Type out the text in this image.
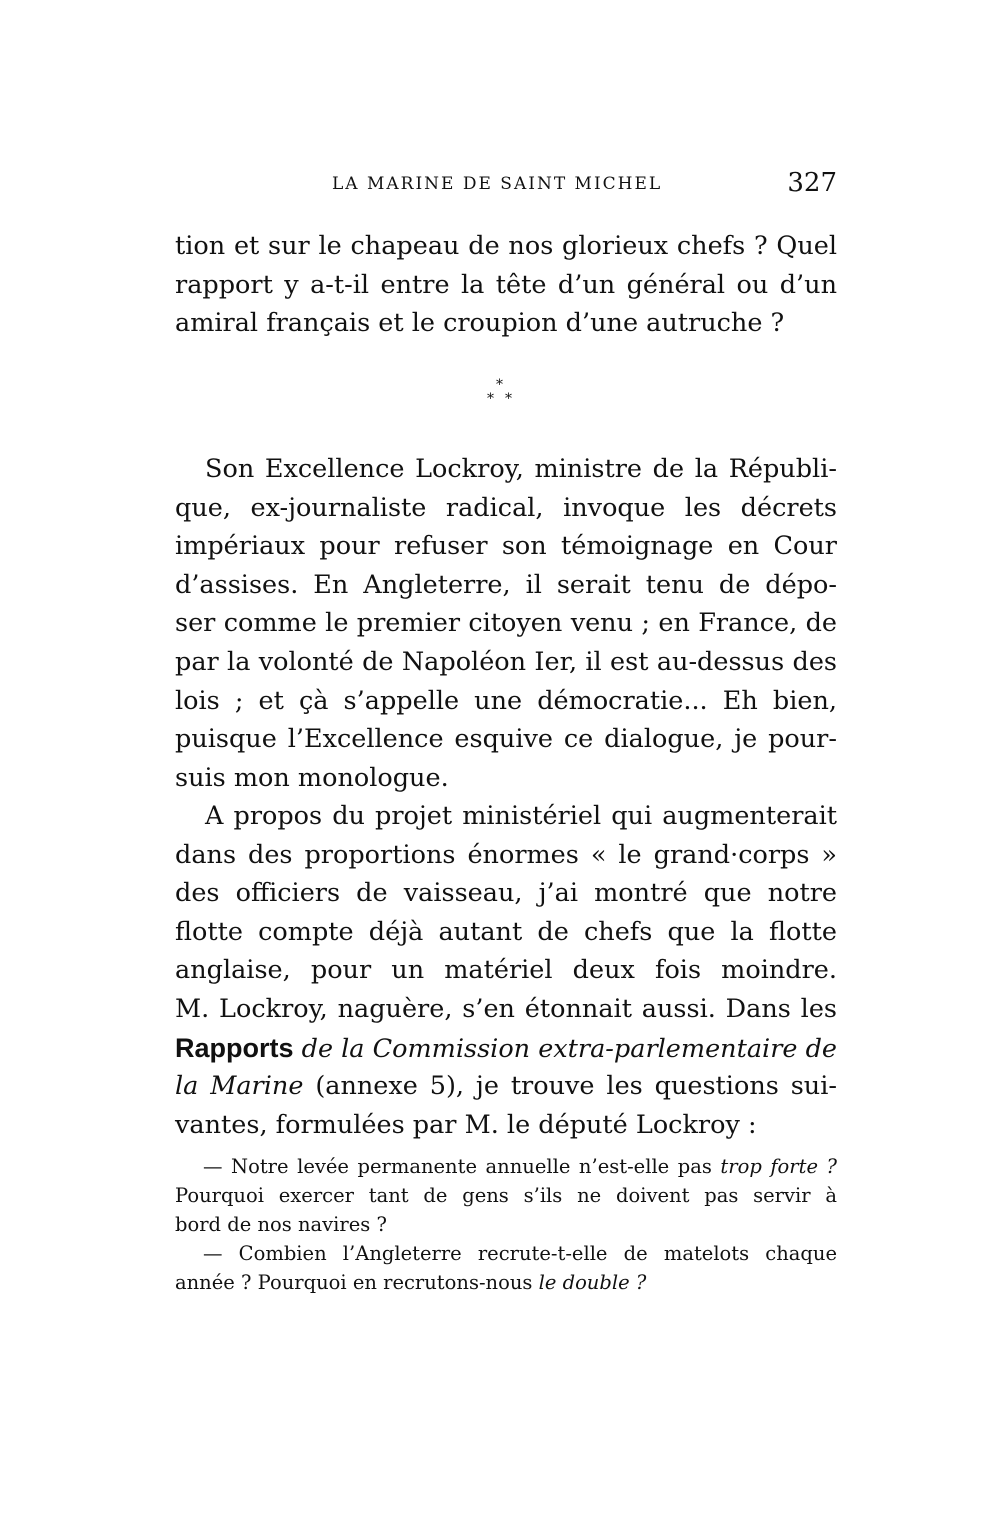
LA MARINE DE SAINT MICHEL	327
tion et sur le chapeau de nos glorieux chefs ? Quel
rapport y a-t-il entre la tête d’un général ou d’un
amiral français et le croupion d’une autruche ?
*
* *
Son Excellence Lockroy, ministre de la Républi-
que, ex-journaliste radical, invoque les décrets
impériaux pour refuser son témoignage en Cour
d’assises. En Angleterre, il serait tenu de dépo-
ser comme le premier citoyen venu ; en France, de
par la volonté de Napoléon Ier, il est au-dessus des
lois ; et çà s’appelle une démocratie... Eh bien,
puisque l’Excellence esquive ce dialogue, je pour-
suis mon monologue.
A propos du projet ministériel qui augmenterait
dans des proportions énormes « le grand·corps »
des officiers de vaisseau, j’ai montré que notre
flotte compte déjà autant de chefs que la flotte
anglaise, pour un matériel deux fois moindre.
M. Lockroy, naguère, s’en étonnait aussi. Dans les
Rapports de la Commission extra-parlementaire de
la Marine (annexe 5), je trouve les questions sui-
vantes, formulées par M. le député Lockroy :
— Notre levée permanente annuelle n’est-elle pas trop forte ?
Pourquoi exercer tant de gens s’ils ne doivent pas servir à
bord de nos navires ?
— Combien l’Angleterre recrute-t-elle de matelots chaque
année ? Pourquoi en recrutons-nous le double ?
